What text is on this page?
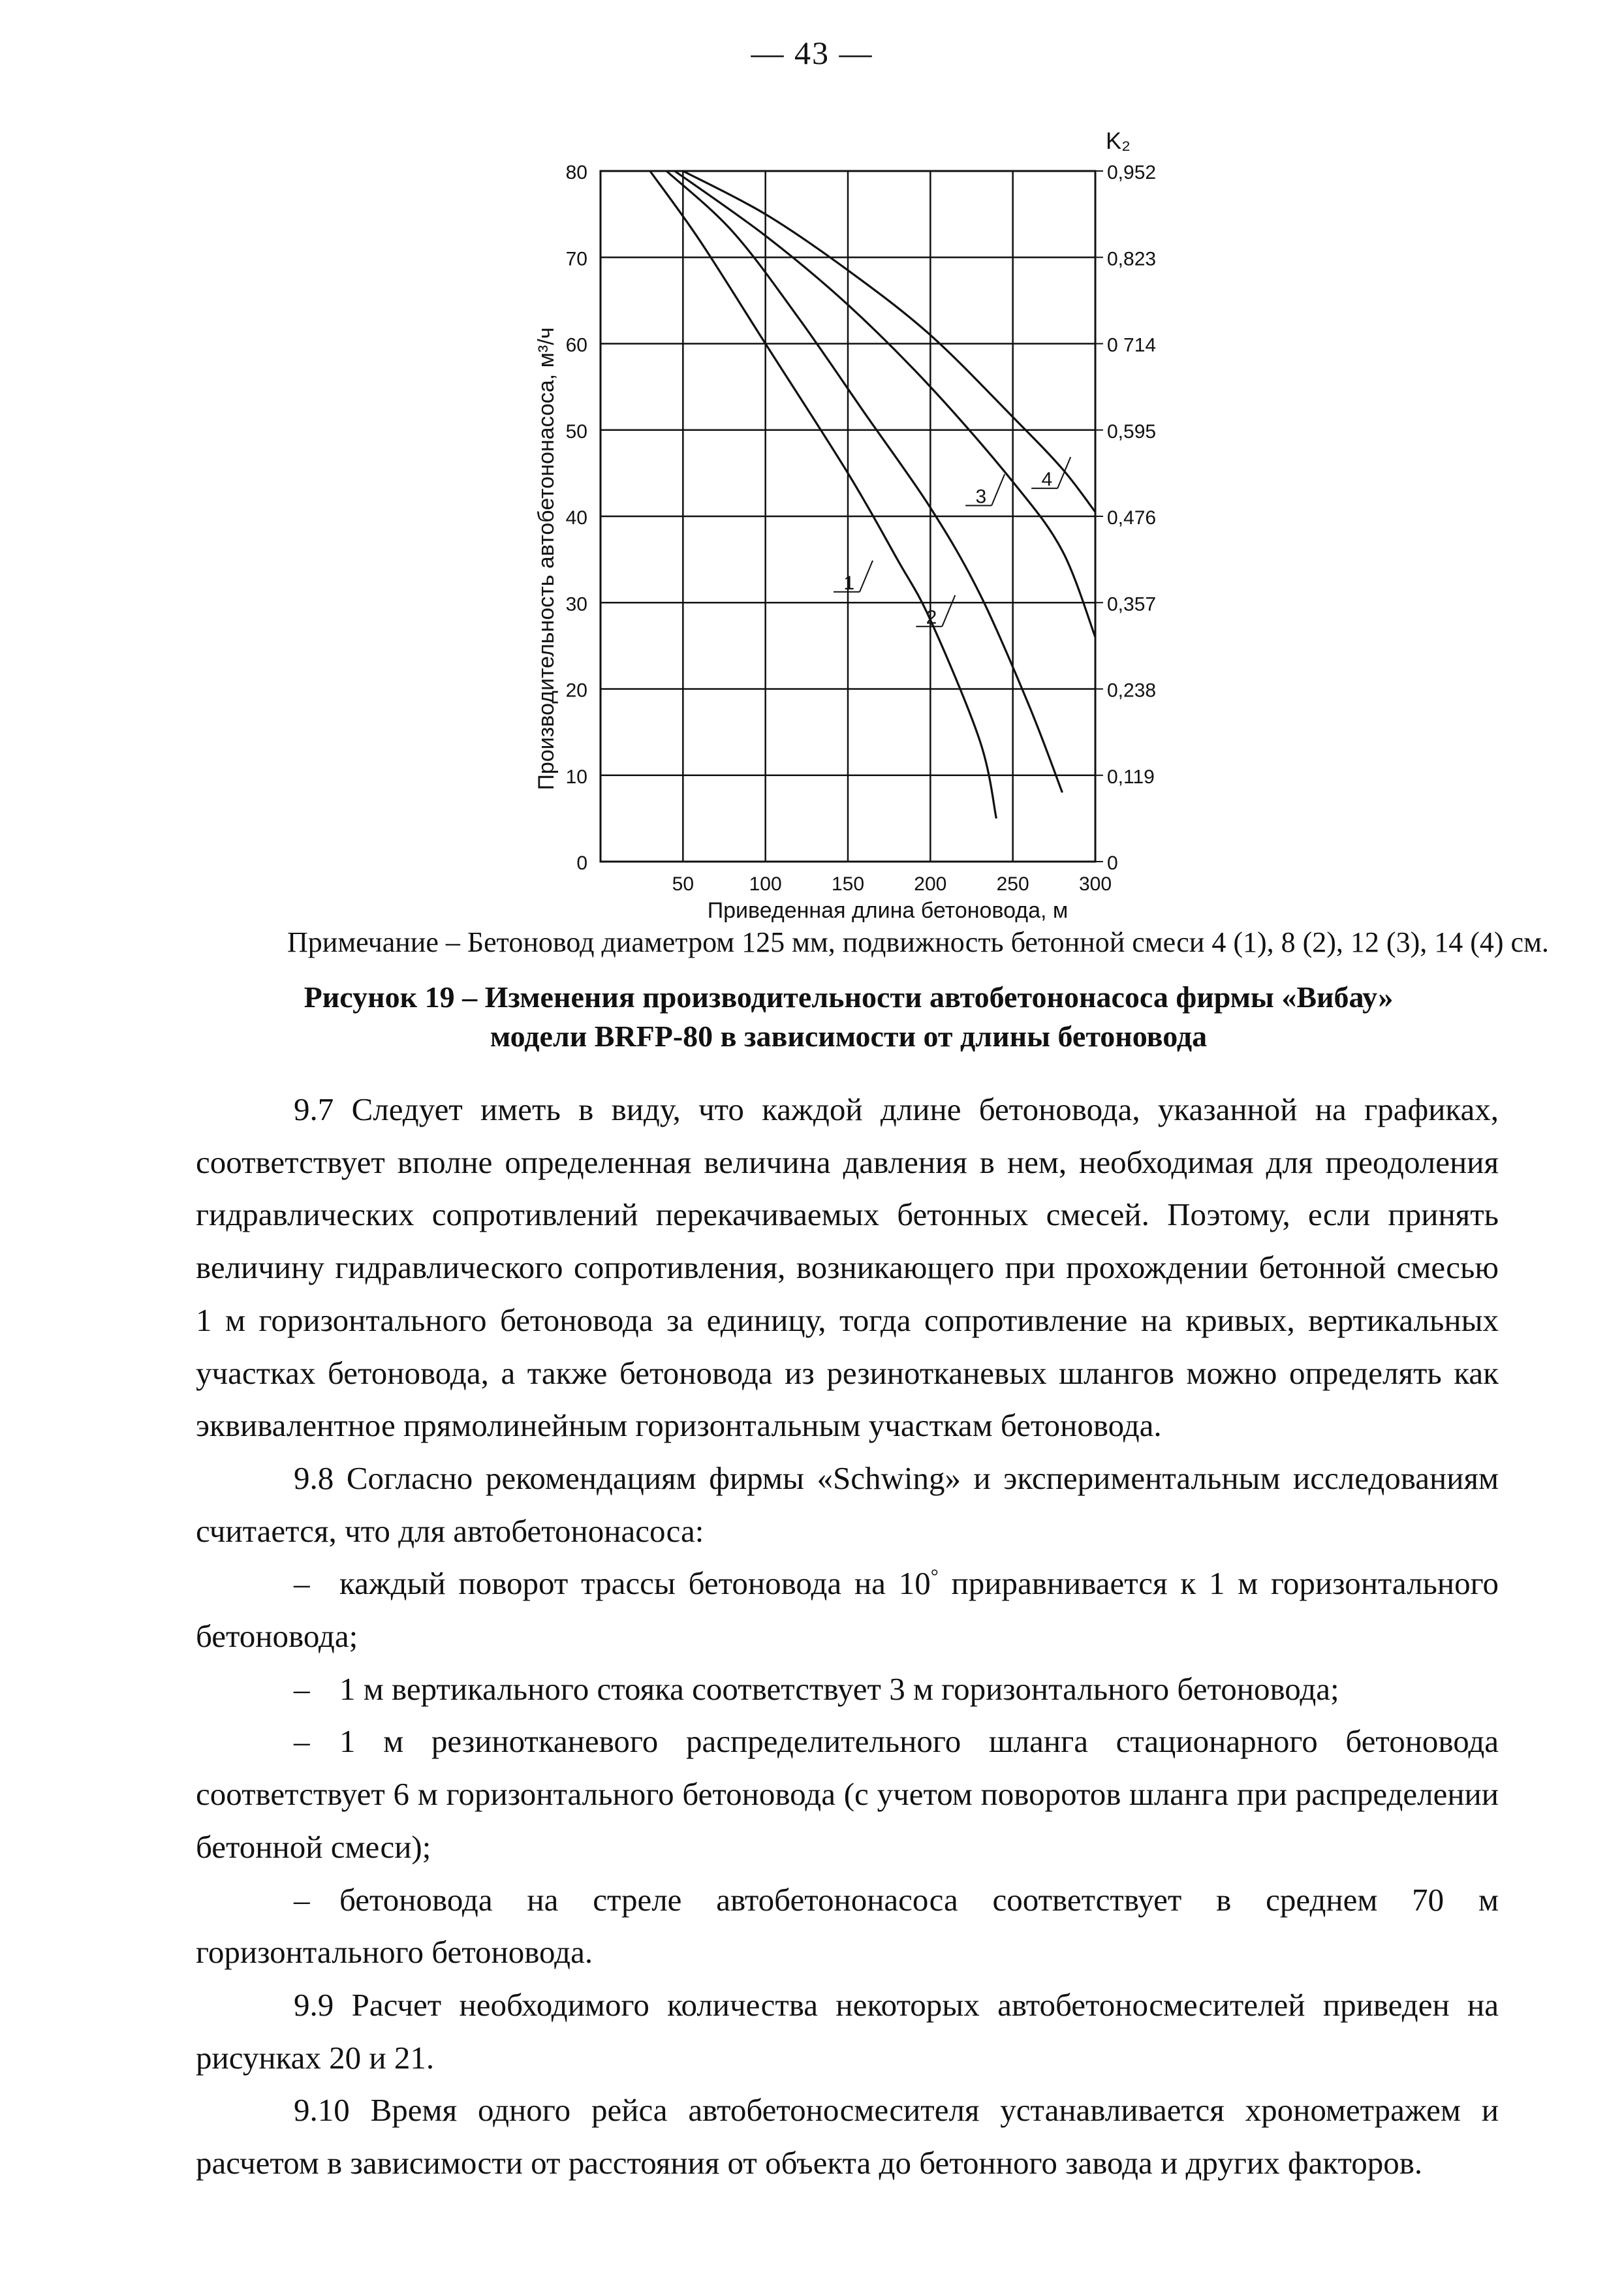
— 43 —
0
10
20
30
40
50
60
70
80
0
0,119
0,238
0,357
0,476
0,595
0 714
0,823
0,952
50	100	150	200	250	300
1
2
3
4
Приведенная длина бетоновода, м
Производительность автобетононасоса, м³/ч
K₂
Примечание – Бетоновод диаметром 125 мм, подвижность бетонной смеси 4 (1), 8 (2), 12 (3), 14 (4) см.
Рисунок 19 – Изменения производительности автобетононасоса фирмы «Вибау»
модели BRFP-80 в зависимости от длины бетоновода

9.7 Следует иметь в виду, что каждой длине бетоновода, указанной на графиках, соответствует вполне определенная величина давления в нем, необходимая для преодоления гидравлических сопротивлений перекачиваемых бетонных смесей. Поэтому, если принять величину гидравлического сопротивления, возникающего при прохождении бетонной смесью 1 м горизонтального бетоновода за единицу, тогда сопротивление на кривых, вертикальных участках бетоновода, а также бетоновода из резинотканевых шлангов можно определять как эквивалентное прямолинейным горизонтальным участкам бетоновода.

9.8 Согласно рекомендациям фирмы «Schwing» и экспериментальным исследованиям считается, что для автобетононасоса:

– каждый поворот трассы бетоновода на 10° приравнивается к 1 м горизонтального бетоновода;

– 1 м вертикального стояка соответствует 3 м горизонтального бетоновода;

– 1 м резинотканевого распределительного шланга стационарного бетоновода соответствует 6 м горизонтального бетоновода (с учетом поворотов шланга при распределении бетонной смеси);

– бетоновода на стреле автобетононасоса соответствует в среднем 70 м горизонтального бетоновода.

9.9 Расчет необходимого количества некоторых автобетоносмесителей приведен на рисунках 20 и 21.

9.10 Время одного рейса автобетоносмесителя устанавливается хронометражем и расчетом в зависимости от расстояния от объекта до бетонного завода и других факторов.
